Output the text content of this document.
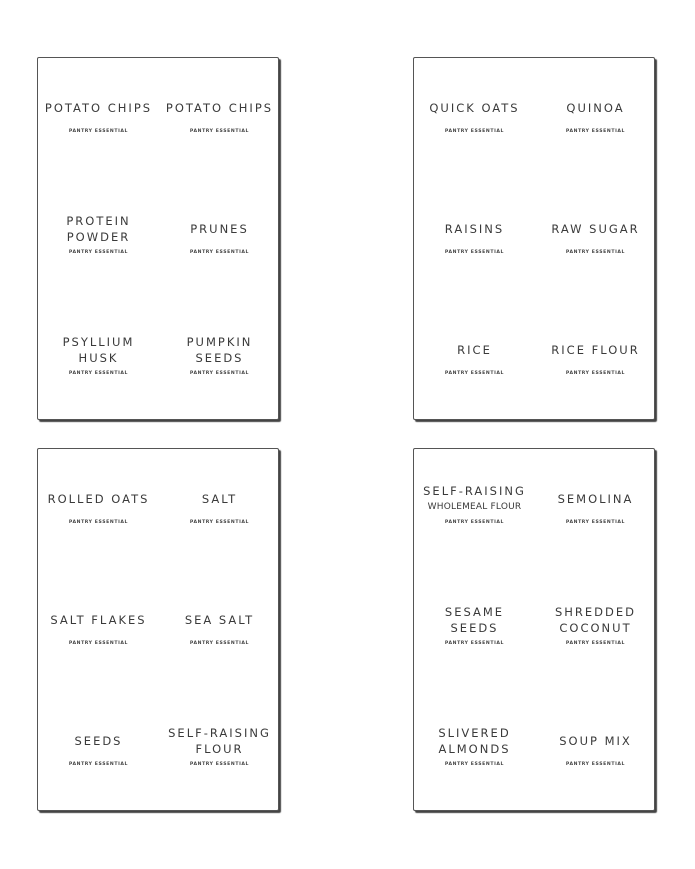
POTATO CHIPS
PANTRY ESSENTIAL
POTATO CHIPS
PANTRY ESSENTIAL
PROTEIN POWDER
PANTRY ESSENTIAL
PRUNES
PANTRY ESSENTIAL
PSYLLIUM HUSK
PANTRY ESSENTIAL
PUMPKIN SEEDS
PANTRY ESSENTIAL
QUICK OATS
PANTRY ESSENTIAL
QUINOA
PANTRY ESSENTIAL
RAISINS
PANTRY ESSENTIAL
RAW SUGAR
PANTRY ESSENTIAL
RICE
PANTRY ESSENTIAL
RICE FLOUR
PANTRY ESSENTIAL
ROLLED OATS
PANTRY ESSENTIAL
SALT
PANTRY ESSENTIAL
SALT FLAKES
PANTRY ESSENTIAL
SEA SALT
PANTRY ESSENTIAL
SEEDS
PANTRY ESSENTIAL
SELF-RAISING FLOUR
PANTRY ESSENTIAL
SELF-RAISING
WHOLEMEAL FLOUR
PANTRY ESSENTIAL
SEMOLINA
PANTRY ESSENTIAL
SESAME SEEDS
PANTRY ESSENTIAL
SHREDDED COCONUT
PANTRY ESSENTIAL
SLIVERED ALMONDS
PANTRY ESSENTIAL
SOUP MIX
PANTRY ESSENTIAL
